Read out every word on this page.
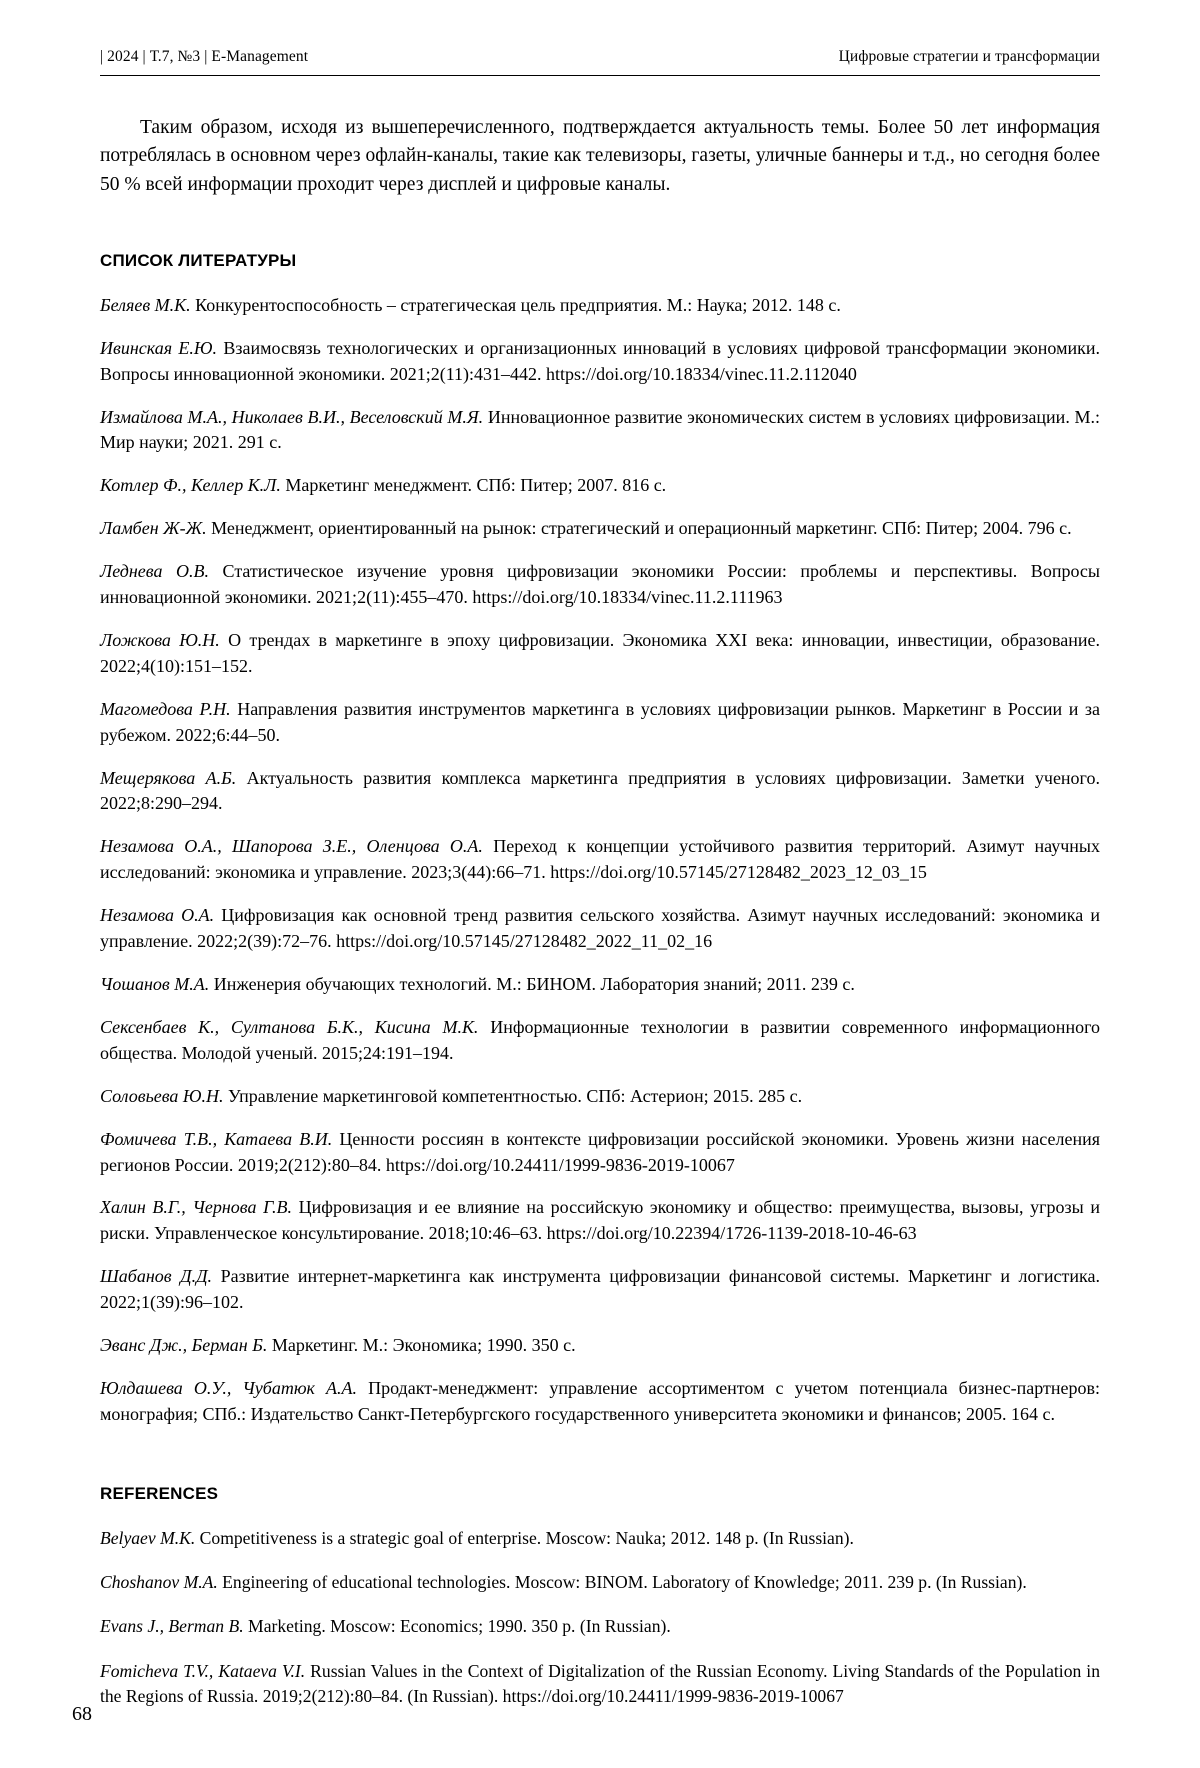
| 2024 | Т.7, №3 | E-Management	Цифровые стратегии и трансформации

Таким образом, исходя из вышеперечисленного, подтверждается актуальность темы. Более 50 лет информация потреблялась в основном через офлайн-каналы, такие как телевизоры, газеты, уличные баннеры и т.д., но сегодня более 50 % всей информации проходит через дисплей и цифровые каналы.

СПИСОК ЛИТЕРАТУРЫ
Беляев М.К. Конкурентоспособность – стратегическая цель предприятия. М.: Наука; 2012. 148 с.
Ивинская Е.Ю. Взаимосвязь технологических и организационных инноваций в условиях цифровой трансформации экономики. Вопросы инновационной экономики. 2021;2(11):431–442. https://doi.org/10.18334/vinec.11.2.112040
Измайлова М.А., Николаев В.И., Веселовский М.Я. Инновационное развитие экономических систем в условиях цифровизации. М.: Мир науки; 2021. 291 с.
Котлер Ф., Келлер К.Л. Маркетинг менеджмент. СПб: Питер; 2007. 816 с.
Ламбен Ж-Ж. Менеджмент, ориентированный на рынок: стратегический и операционный маркетинг. СПб: Питер; 2004. 796 с.
Леднева О.В. Статистическое изучение уровня цифровизации экономики России: проблемы и перспективы. Вопросы инновационной экономики. 2021;2(11):455–470. https://doi.org/10.18334/vinec.11.2.111963
Ложкова Ю.Н. О трендах в маркетинге в эпоху цифровизации. Экономика XXI века: инновации, инвестиции, образование. 2022;4(10):151–152.
Магомедова Р.Н. Направления развития инструментов маркетинга в условиях цифровизации рынков. Маркетинг в России и за рубежом. 2022;6:44–50.
Мещерякова А.Б. Актуальность развития комплекса маркетинга предприятия в условиях цифровизации. Заметки ученого. 2022;8:290–294.
Незамова О.А., Шапорова З.Е., Оленцова О.А. Переход к концепции устойчивого развития территорий. Азимут научных исследований: экономика и управление. 2023;3(44):66–71. https://doi.org/10.57145/27128482_2023_12_03_15
Незамова О.А. Цифровизация как основной тренд развития сельского хозяйства. Азимут научных исследований: экономика и управление. 2022;2(39):72–76. https://doi.org/10.57145/27128482_2022_11_02_16
Чошанов М.А. Инженерия обучающих технологий. М.: БИНОМ. Лаборатория знаний; 2011. 239 с.
Сексенбаев К., Султанова Б.К., Кисина М.К. Информационные технологии в развитии современного информационного общества. Молодой ученый. 2015;24:191–194.
Соловьева Ю.Н. Управление маркетинговой компетентностью. СПб: Астерион; 2015. 285 с.
Фомичева Т.В., Катаева В.И. Ценности россиян в контексте цифровизации российской экономики. Уровень жизни населения регионов России. 2019;2(212):80–84. https://doi.org/10.24411/1999-9836-2019-10067
Халин В.Г., Чернова Г.В. Цифровизация и ее влияние на российскую экономику и общество: преимущества, вызовы, угрозы и риски. Управленческое консультирование. 2018;10:46–63. https://doi.org/10.22394/1726-1139-2018-10-46-63
Шабанов Д.Д. Развитие интернет-маркетинга как инструмента цифровизации финансовой системы. Маркетинг и логистика. 2022;1(39):96–102.
Эванс Дж., Берман Б. Маркетинг. М.: Экономика; 1990. 350 с.
Юлдашева О.У., Чубатюк А.А. Продакт-менеджмент: управление ассортиментом с учетом потенциала бизнес-партнеров: монография; СПб.: Издательство Санкт-Петербургского государственного университета экономики и финансов; 2005. 164 с.
REFERENCES
Belyaev M.K. Competitiveness is a strategic goal of enterprise. Moscow: Nauka; 2012. 148 p. (In Russian).
Choshanov M.A. Engineering of educational technologies. Moscow: BINOM. Laboratory of Knowledge; 2011. 239 p. (In Russian).
Evans J., Berman B. Marketing. Moscow: Economics; 1990. 350 p. (In Russian).
Fomicheva T.V., Kataeva V.I. Russian Values in the Context of Digitalization of the Russian Economy. Living Standards of the Population in the Regions of Russia. 2019;2(212):80–84. (In Russian). https://doi.org/10.24411/1999-9836-2019-10067
68
